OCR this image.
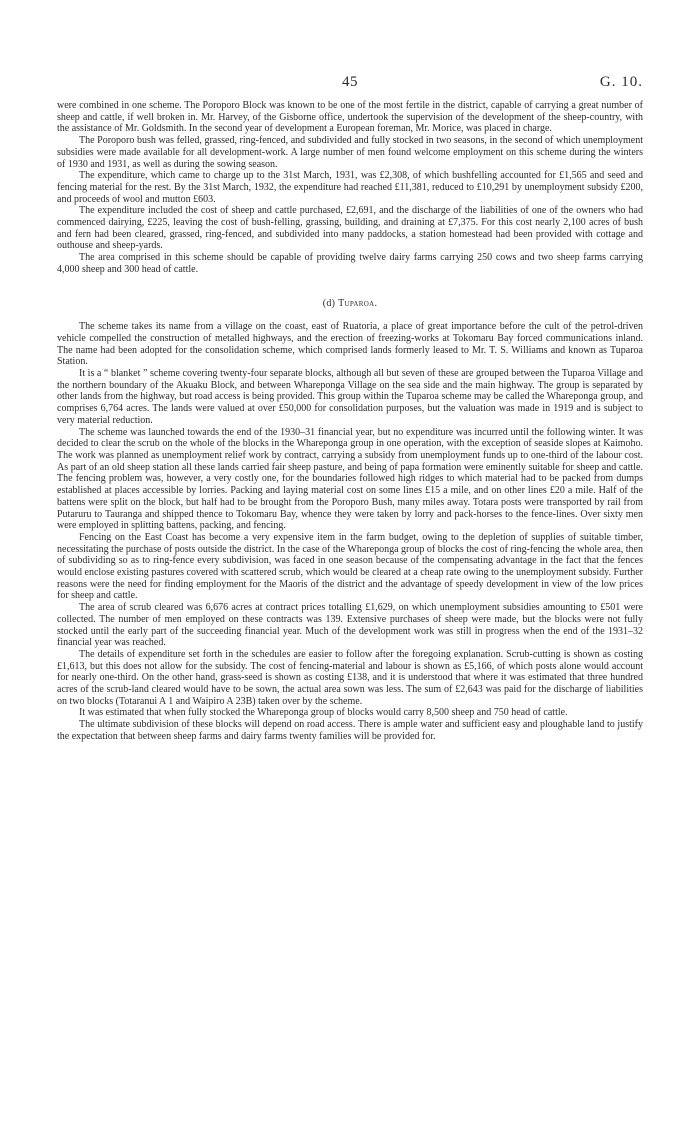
45	G. 10.

were combined in one scheme. The Poroporo Block was known to be one of the most fertile in the district, capable of carrying a great number of sheep and cattle, if well broken in. Mr. Harvey, of the Gisborne office, undertook the supervision of the development of the sheep-country, with the assistance of Mr. Goldsmith. In the second year of development a European foreman, Mr. Morice, was placed in charge.

The Poroporo bush was felled, grassed, ring-fenced, and subdivided and fully stocked in two seasons, in the second of which unemployment subsidies were made available for all development-work. A large number of men found welcome employment on this scheme during the winters of 1930 and 1931, as well as during the sowing season.

The expenditure, which came to charge up to the 31st March, 1931, was £2,308, of which bushfelling accounted for £1,565 and seed and fencing material for the rest. By the 31st March, 1932, the expenditure had reached £11,381, reduced to £10,291 by unemployment subsidy £200, and proceeds of wool and mutton £603.

The expenditure included the cost of sheep and cattle purchased, £2,691, and the discharge of the liabilities of one of the owners who had commenced dairying, £225, leaving the cost of bush-felling, grassing, building, and draining at £7,375. For this cost nearly 2,100 acres of bush and fern had been cleared, grassed, ring-fenced, and subdivided into many paddocks, a station homestead had been provided with cottage and outhouse and sheep-yards.

The area comprised in this scheme should be capable of providing twelve dairy farms carrying 250 cows and two sheep farms carrying 4,000 sheep and 300 head of cattle.

(d) Tuparoa.

The scheme takes its name from a village on the coast, east of Ruatoria, a place of great importance before the cult of the petrol-driven vehicle compelled the construction of metalled highways, and the erection of freezing-works at Tokomaru Bay forced communications inland. The name had been adopted for the consolidation scheme, which comprised lands formerly leased to Mr. T. S. Williams and known as Tuparoa Station.

It is a “ blanket ” scheme covering twenty-four separate blocks, although all but seven of these are grouped between the Tuparoa Village and the northern boundary of the Akuaku Block, and between Whareponga Village on the sea side and the main highway. The group is separated by other lands from the highway, but road access is being provided. This group within the Tuparoa scheme may be called the Whareponga group, and comprises 6,764 acres. The lands were valued at over £50,000 for consolidation purposes, but the valuation was made in 1919 and is subject to very material reduction.

The scheme was launched towards the end of the 1930–31 financial year, but no expenditure was incurred until the following winter. It was decided to clear the scrub on the whole of the blocks in the Whareponga group in one operation, with the exception of seaside slopes at Kaimoho. The work was planned as unemployment relief work by contract, carrying a subsidy from unemployment funds up to one-third of the labour cost. As part of an old sheep station all these lands carried fair sheep pasture, and being of papa formation were eminently suitable for sheep and cattle. The fencing problem was, however, a very costly one, for the boundaries followed high ridges to which material had to be packed from dumps established at places accessible by lorries. Packing and laying material cost on some lines £15 a mile, and on other lines £20 a mile. Half of the battens were split on the block, but half had to be brought from the Poroporo Bush, many miles away. Totara posts were transported by rail from Putaruru to Tauranga and shipped thence to Tokomaru Bay, whence they were taken by lorry and pack-horses to the fence-lines. Over sixty men were employed in splitting battens, packing, and fencing.

Fencing on the East Coast has become a very expensive item in the farm budget, owing to the depletion of supplies of suitable timber, necessitating the purchase of posts outside the district. In the case of the Whareponga group of blocks the cost of ring-fencing the whole area, then of subdividing so as to ring-fence every subdivision, was faced in one season because of the compensating advantage in the fact that the fences would enclose existing pastures covered with scattered scrub, which would be cleared at a cheap rate owing to the unemployment subsidy. Further reasons were the need for finding employment for the Maoris of the district and the advantage of speedy development in view of the low prices for sheep and cattle.

The area of scrub cleared was 6,676 acres at contract prices totalling £1,629, on which unemployment subsidies amounting to £501 were collected. The number of men employed on these contracts was 139. Extensive purchases of sheep were made, but the blocks were not fully stocked until the early part of the succeeding financial year. Much of the development work was still in progress when the end of the 1931–32 financial year was reached.

The details of expenditure set forth in the schedules are easier to follow after the foregoing explanation. Scrub-cutting is shown as costing £1,613, but this does not allow for the subsidy. The cost of fencing-material and labour is shown as £5,166, of which posts alone would account for nearly one-third. On the other hand, grass-seed is shown as costing £138, and it is understood that where it was estimated that three hundred acres of the scrub-land cleared would have to be sown, the actual area sown was less. The sum of £2,643 was paid for the discharge of liabilities on two blocks (Totaranui A 1 and Waipiro A 23B) taken over by the scheme.

It was estimated that when fully stocked the Whareponga group of blocks would carry 8,500 sheep and 750 head of cattle.

The ultimate subdivision of these blocks will depend on road access. There is ample water and sufficient easy and ploughable land to justify the expectation that between sheep farms and dairy farms twenty families will be provided for.
